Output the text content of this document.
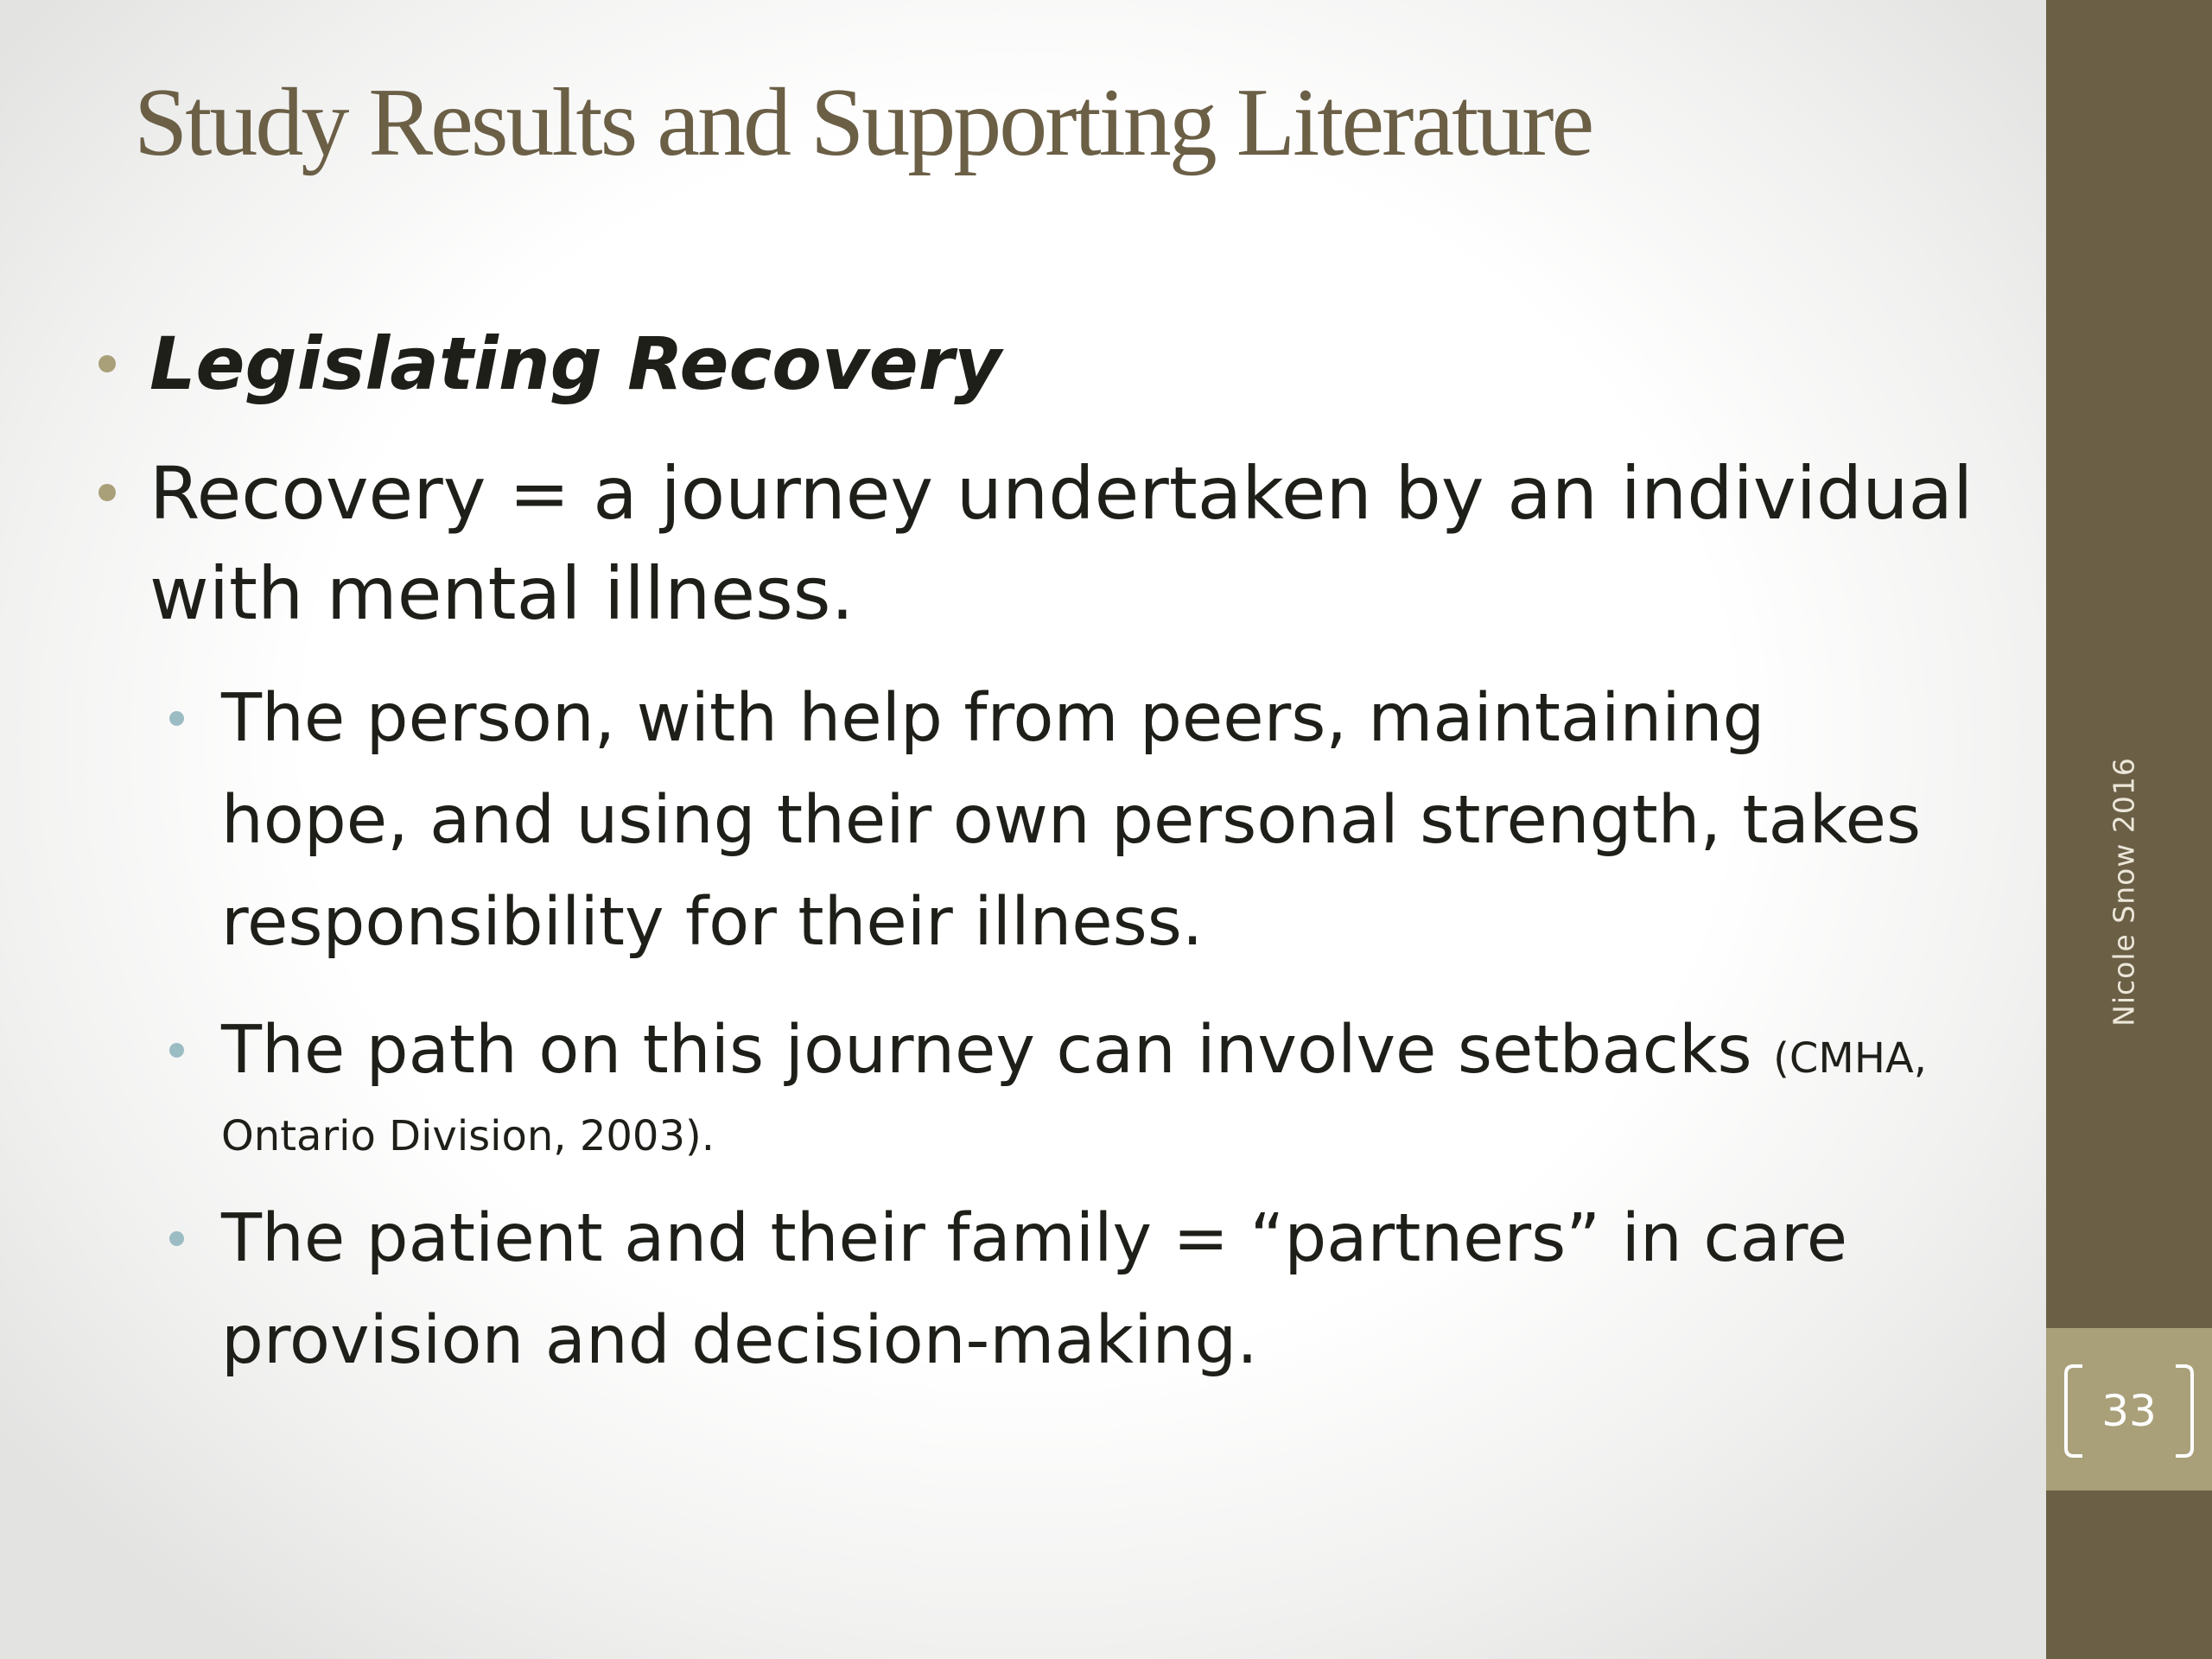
Study Results and Supporting Literature
Legislating Recovery
Recovery = a journey undertaken by an individual
with mental illness.
The person, with help from peers, maintaining
hope, and using their own personal strength, takes
responsibility for their illness.
The path on this journey can involve setbacks (CMHA,
Ontario Division, 2003).
The patient and their family = “partners” in care
provision and decision-making.
Nicole Snow 2016
33
